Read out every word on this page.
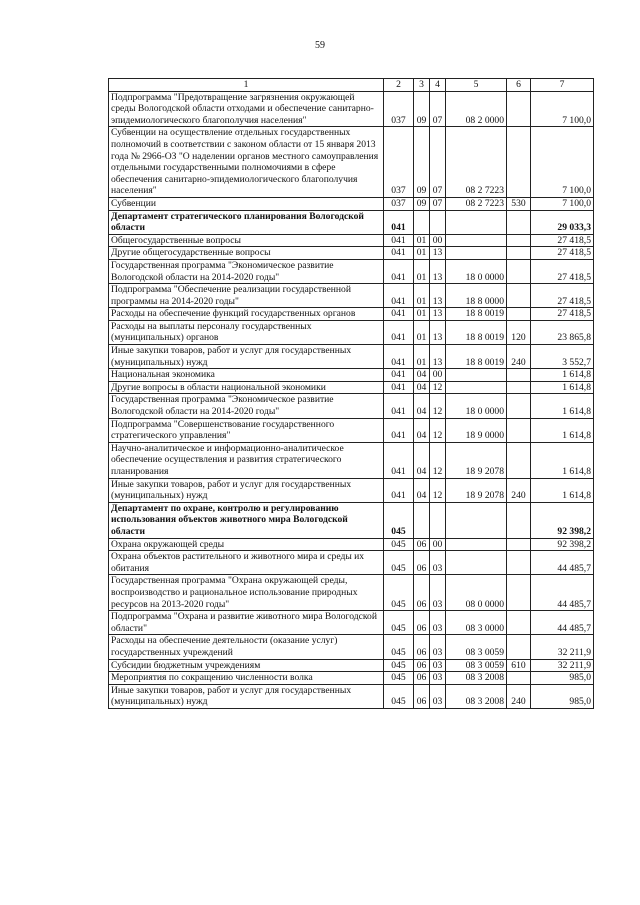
59
1	2	3	4	5	6	7
Подпрограмма "Предотвращение загрязнения окружающей среды Вологодской области отходами и обеспечение санитарно-эпидемиологического благополучия населения"	037	09	07	08 2 0000		7 100,0
Субвенции на осуществление отдельных государственных полномочий в соответствии с законом области от 15 января 2013 года № 2966-ОЗ "О наделении органов местного самоуправления отдельными государственными полномочиями в сфере обеспечения санитарно-эпидемиологического благополучия населения"	037	09	07	08 2 7223		7 100,0
Субвенции	037	09	07	08 2 7223	530	7 100,0
Департамент стратегического планирования Вологодской области	041					29 033,3
Общегосударственные вопросы	041	01	00			27 418,5
Другие общегосударственные вопросы	041	01	13			27 418,5
Государственная программа "Экономическое развитие Вологодской области на 2014-2020 годы"	041	01	13	18 0 0000		27 418,5
Подпрограмма "Обеспечение реализации государственной программы на 2014-2020 годы"	041	01	13	18 8 0000		27 418,5
Расходы на обеспечение функций государственных органов	041	01	13	18 8 0019		27 418,5
Расходы на выплаты персоналу государственных (муниципальных) органов	041	01	13	18 8 0019	120	23 865,8
Иные закупки товаров, работ и услуг для государственных (муниципальных) нужд	041	01	13	18 8 0019	240	3 552,7
Национальная экономика	041	04	00			1 614,8
Другие вопросы в области национальной экономики	041	04	12			1 614,8
Государственная программа "Экономическое развитие Вологодской области на 2014-2020 годы"	041	04	12	18 0 0000		1 614,8
Подпрограмма "Совершенствование государственного стратегического управления"	041	04	12	18 9 0000		1 614,8
Научно-аналитическое и информационно-аналитическое обеспечение осуществления и развития стратегического планирования	041	04	12	18 9 2078		1 614,8
Иные закупки товаров, работ и услуг для государственных (муниципальных) нужд	041	04	12	18 9 2078	240	1 614,8
Департамент по охране, контролю и регулированию использования объектов животного мира Вологодской области	045					92 398,2
Охрана окружающей среды	045	06	00			92 398,2
Охрана объектов растительного и животного мира и среды их обитания	045	06	03			44 485,7
Государственная программа "Охрана окружающей среды, воспроизводство и рациональное использование природных ресурсов на 2013-2020 годы"	045	06	03	08 0 0000		44 485,7
Подпрограмма "Охрана и развитие животного мира Вологодской области"	045	06	03	08 3 0000		44 485,7
Расходы на обеспечение деятельности (оказание услуг) государственных учреждений	045	06	03	08 3 0059		32 211,9
Субсидии бюджетным учреждениям	045	06	03	08 3 0059	610	32 211,9
Мероприятия по сокращению численности волка	045	06	03	08 3 2008		985,0
Иные закупки товаров, работ и услуг для государственных (муниципальных) нужд	045	06	03	08 3 2008	240	985,0
